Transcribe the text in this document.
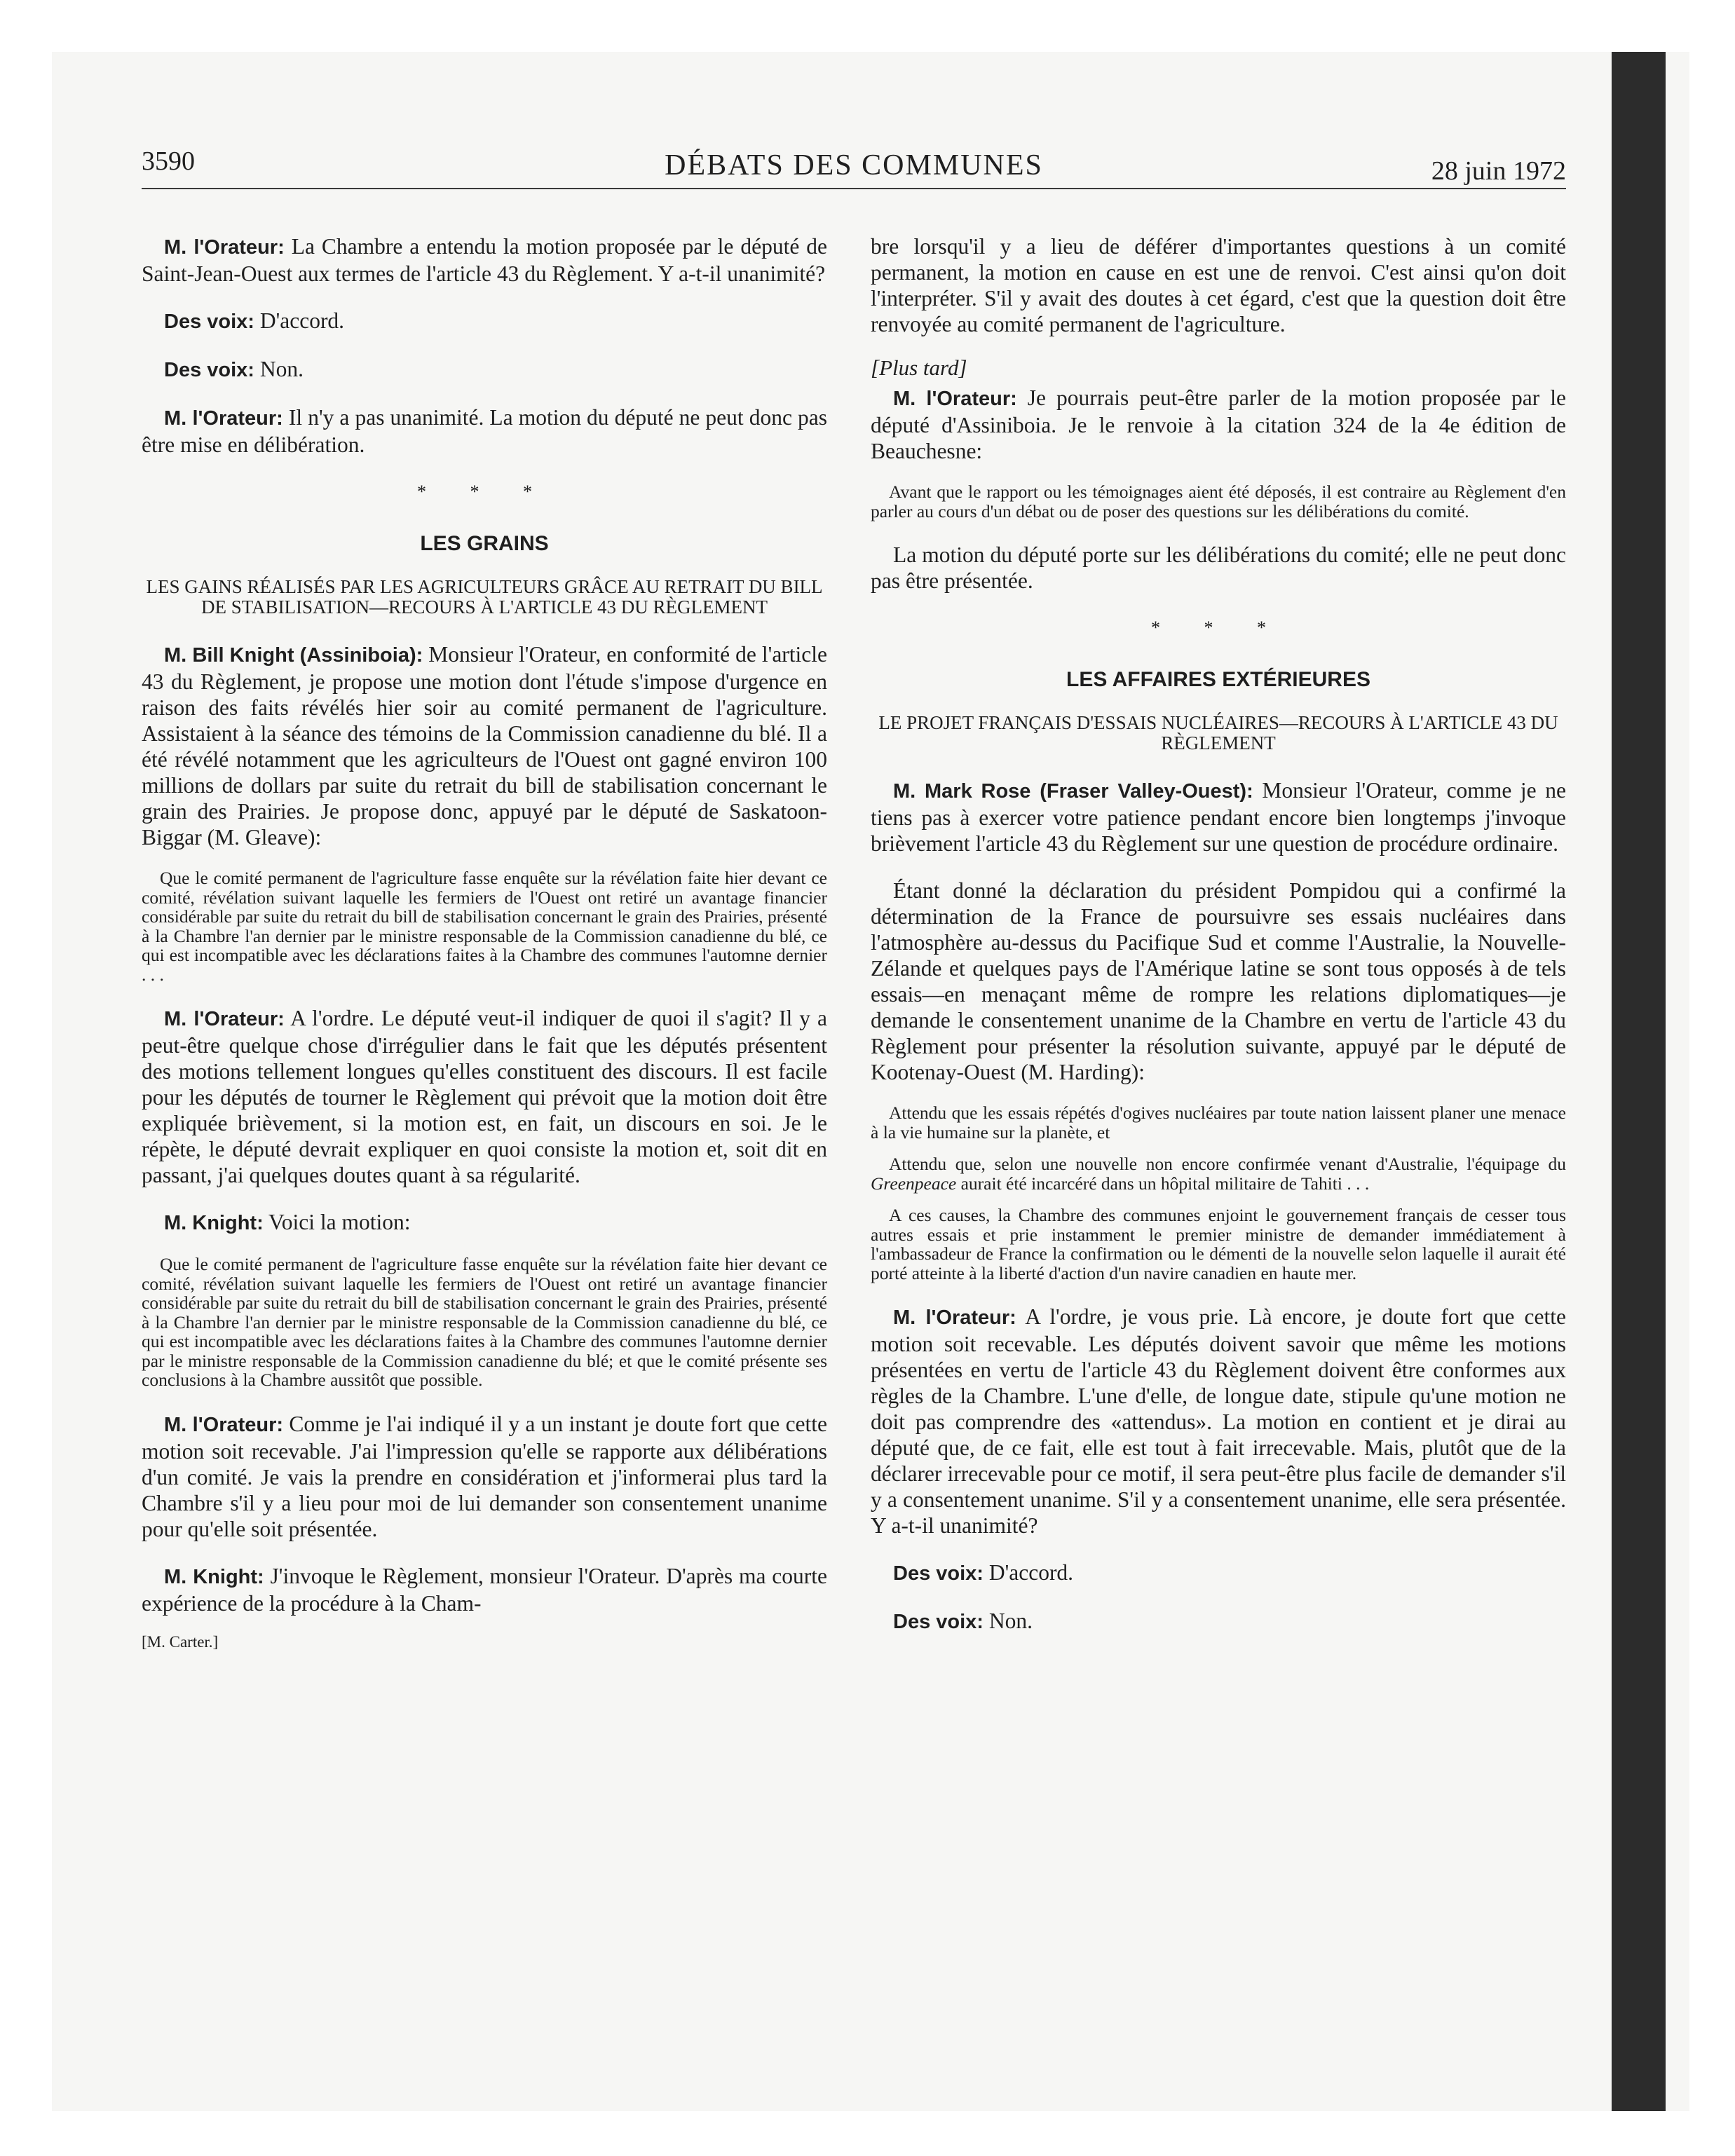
3590	DÉBATS DES COMMUNES	28 juin 1972

M. l'Orateur: La Chambre a entendu la motion proposée par le député de Saint-Jean-Ouest aux termes de l'article 43 du Règlement. Y a-t-il unanimité?

Des voix: D'accord.

Des voix: Non.

M. l'Orateur: Il n'y a pas unanimité. La motion du député ne peut donc pas être mise en délibération.

* * *
LES GRAINS
LES GAINS RÉALISÉS PAR LES AGRICULTEURS GRÂCE AU RETRAIT DU BILL DE STABILISATION—RECOURS À L'ARTICLE 43 DU RÈGLEMENT

M. Bill Knight (Assiniboia): Monsieur l'Orateur, en conformité de l'article 43 du Règlement, je propose une motion dont l'étude s'impose d'urgence en raison des faits révélés hier soir au comité permanent de l'agriculture. Assistaient à la séance des témoins de la Commission canadienne du blé. Il a été révélé notamment que les agriculteurs de l'Ouest ont gagné environ 100 millions de dollars par suite du retrait du bill de stabilisation concernant le grain des Prairies. Je propose donc, appuyé par le député de Saskatoon-Biggar (M. Gleave):

Que le comité permanent de l'agriculture fasse enquête sur la révélation faite hier devant ce comité, révélation suivant laquelle les fermiers de l'Ouest ont retiré un avantage financier considérable par suite du retrait du bill de stabilisation concernant le grain des Prairies, présenté à la Chambre l'an dernier par le ministre responsable de la Commission canadienne du blé, ce qui est incompatible avec les déclarations faites à la Chambre des communes l'automne dernier . . .

M. l'Orateur: A l'ordre. Le député veut-il indiquer de quoi il s'agit? Il y a peut-être quelque chose d'irrégulier dans le fait que les députés présentent des motions tellement longues qu'elles constituent des discours. Il est facile pour les députés de tourner le Règlement qui prévoit que la motion doit être expliquée brièvement, si la motion est, en fait, un discours en soi. Je le répète, le député devrait expliquer en quoi consiste la motion et, soit dit en passant, j'ai quelques doutes quant à sa régularité.

M. Knight: Voici la motion:

Que le comité permanent de l'agriculture fasse enquête sur la révélation faite hier devant ce comité, révélation suivant laquelle les fermiers de l'Ouest ont retiré un avantage financier considérable par suite du retrait du bill de stabilisation concernant le grain des Prairies, présenté à la Chambre l'an dernier par le ministre responsable de la Commission canadienne du blé, ce qui est incompatible avec les déclarations faites à la Chambre des communes l'automne dernier par le ministre responsable de la Commission canadienne du blé; et que le comité présente ses conclusions à la Chambre aussitôt que possible.

M. l'Orateur: Comme je l'ai indiqué il y a un instant je doute fort que cette motion soit recevable. J'ai l'impression qu'elle se rapporte aux délibérations d'un comité. Je vais la prendre en considération et j'informerai plus tard la Chambre s'il y a lieu pour moi de lui demander son consentement unanime pour qu'elle soit présentée.

M. Knight: J'invoque le Règlement, monsieur l'Orateur. D'après ma courte expérience de la procédure à la Cham-

[M. Carter.]

bre lorsqu'il y a lieu de déférer d'importantes questions à un comité permanent, la motion en cause en est une de renvoi. C'est ainsi qu'on doit l'interpréter. S'il y avait des doutes à cet égard, c'est que la question doit être renvoyée au comité permanent de l'agriculture.

[Plus tard]

M. l'Orateur: Je pourrais peut-être parler de la motion proposée par le député d'Assiniboia. Je le renvoie à la citation 324 de la 4e édition de Beauchesne:

Avant que le rapport ou les témoignages aient été déposés, il est contraire au Règlement d'en parler au cours d'un débat ou de poser des questions sur les délibérations du comité.

La motion du député porte sur les délibérations du comité; elle ne peut donc pas être présentée.

* * *
LES AFFAIRES EXTÉRIEURES
LE PROJET FRANÇAIS D'ESSAIS NUCLÉAIRES—RECOURS À L'ARTICLE 43 DU RÈGLEMENT

M. Mark Rose (Fraser Valley-Ouest): Monsieur l'Orateur, comme je ne tiens pas à exercer votre patience pendant encore bien longtemps j'invoque brièvement l'article 43 du Règlement sur une question de procédure ordinaire.

Étant donné la déclaration du président Pompidou qui a confirmé la détermination de la France de poursuivre ses essais nucléaires dans l'atmosphère au-dessus du Pacifique Sud et comme l'Australie, la Nouvelle-Zélande et quelques pays de l'Amérique latine se sont tous opposés à de tels essais—en menaçant même de rompre les relations diplomatiques—je demande le consentement unanime de la Chambre en vertu de l'article 43 du Règlement pour présenter la résolution suivante, appuyé par le député de Kootenay-Ouest (M. Harding):

Attendu que les essais répétés d'ogives nucléaires par toute nation laissent planer une menace à la vie humaine sur la planète, et

Attendu que, selon une nouvelle non encore confirmée venant d'Australie, l'équipage du Greenpeace aurait été incarcéré dans un hôpital militaire de Tahiti . . .

A ces causes, la Chambre des communes enjoint le gouvernement français de cesser tous autres essais et prie instamment le premier ministre de demander immédiatement à l'ambassadeur de France la confirmation ou le démenti de la nouvelle selon laquelle il aurait été porté atteinte à la liberté d'action d'un navire canadien en haute mer.

M. l'Orateur: A l'ordre, je vous prie. Là encore, je doute fort que cette motion soit recevable. Les députés doivent savoir que même les motions présentées en vertu de l'article 43 du Règlement doivent être conformes aux règles de la Chambre. L'une d'elle, de longue date, stipule qu'une motion ne doit pas comprendre des «attendus». La motion en contient et je dirai au député que, de ce fait, elle est tout à fait irrecevable. Mais, plutôt que de la déclarer irrecevable pour ce motif, il sera peut-être plus facile de demander s'il y a consentement unanime. S'il y a consentement unanime, elle sera présentée. Y a-t-il unanimité?

Des voix: D'accord.

Des voix: Non.
